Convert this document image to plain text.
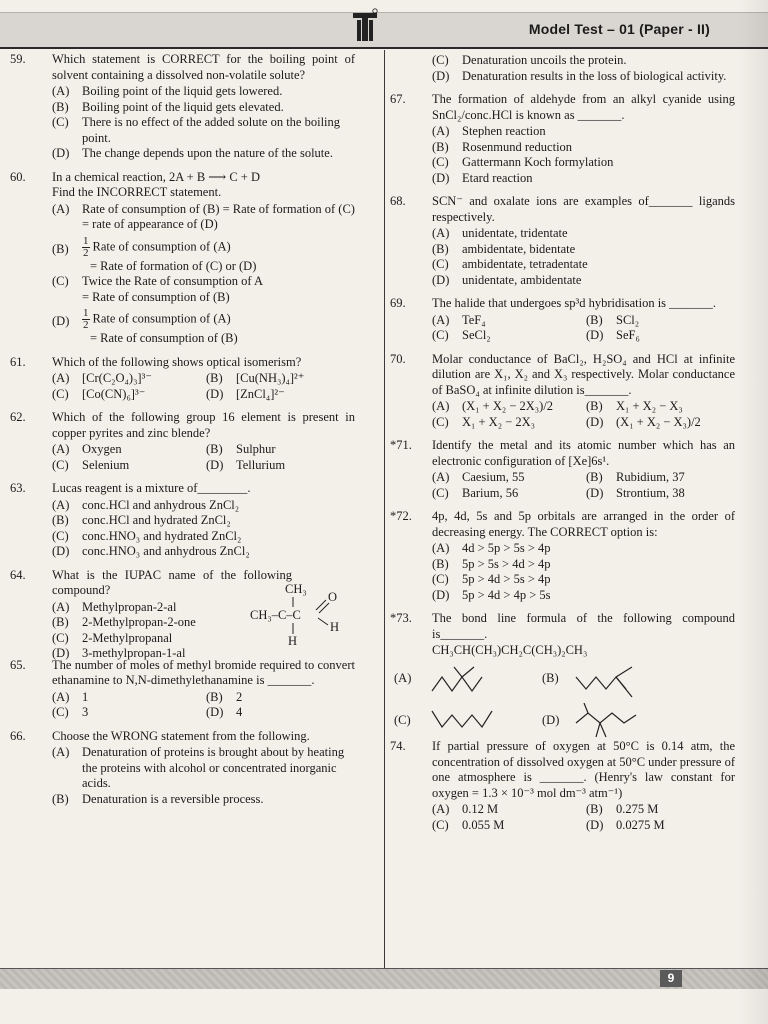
Model Test – 01 (Paper - II)
59.	Which statement is CORRECT for the boiling point of solvent containing a dissolved non-volatile solute?
(A) Boiling point of the liquid gets lowered.
(B) Boiling point of the liquid gets elevated.
(C) There is no effect of the added solute on the boiling point.
(D) The change depends upon the nature of the solute.
60.	In a chemical reaction, 2A + B ⟶ C + D
Find the INCORRECT statement.
(A) Rate of consumption of (B) = Rate of formation of (C) = rate of appearance of (D)
$(B) \frac{1}{2}$ Rate of consumption of (A)
= Rate of formation of (C) or (D)
(C) Twice the Rate of consumption of A
= Rate of consumption of (B)
$(D) \frac{1}{2}$ Rate of consumption of (A)
= Rate of consumption of (B)
61.	Which of the following shows optical isomerism?
(A) [Cr(C₂O₄)₃]³⁻	(B) [Cu(NH₃)₄]²⁺
(C) [Co(CN)₆]³⁻	(D) [ZnCl₄]²⁻
62.	Which of the following group 16 element is present in copper pyrites and zinc blende?
(A) Oxygen	(B) Sulphur
(C) Selenium	(D) Tellurium
63.	Lucas reagent is a mixture of________.
(A) conc.HCl and anhydrous ZnCl₂
(B) conc.HCl and hydrated ZnCl₂
(C) conc.HNO₃ and hydrated ZnCl₂
(D) conc.HNO₃ and anhydrous ZnCl₂
64.	What is the IUPAC name of the following compound?
(A) Methylpropan-2-al
(B) 2-Methylpropan-2-one
(C) 2-Methylpropanal
(D) 3-methylpropan-1-al
CH₃
CH₃–C–C
O
H
H
65.	The number of moles of methyl bromide required to convert ethanamine to N,N-dimethylethanamine is _______.
(A) 1	(B) 2
(C) 3	(D) 4
66.	Choose the WRONG statement from the following.
(A) Denaturation of proteins is brought about by heating the proteins with alcohol or concentrated inorganic acids.
(B) Denaturation is a reversible process.
(C) Denaturation uncoils the protein.
(D) Denaturation results in the loss of biological activity.
67.	The formation of aldehyde from an alkyl cyanide using SnCl₂/conc.HCl is known as _______.
(A) Stephen reaction
(B) Rosenmund reduction
(C) Gattermann Koch formylation
(D) Etard reaction
68.	SCN⁻ and oxalate ions are examples of_______ ligands respectively.
(A) unidentate, tridentate
(B) ambidentate, bidentate
(C) ambidentate, tetradentate
(D) unidentate, ambidentate
69.	The halide that undergoes sp³d hybridisation is _______.
(A) TeF₄	(B) SCl₂
(C) SeCl₂	(D) SeF₆
70.	Molar conductance of BaCl₂, H₂SO₄ and HCl at infinite dilution are X₁, X₂ and X₃ respectively. Molar conductance of BaSO₄ at infinite dilution is_______.
(A) (X₁ + X₂ − 2X₃)/2	(B) X₁ + X₂ − X₃
(C) X₁ + X₂ − 2X₃	(D) (X₁ + X₂ − X₃)/2
*71.	Identify the metal and its atomic number which has an electronic configuration of [Xe]6s¹.
(A) Caesium, 55	(B) Rubidium, 37
(C) Barium, 56	(D) Strontium, 38
*72.	4p, 4d, 5s and 5p orbitals are arranged in the order of decreasing energy. The CORRECT option is:
(A) 4d > 5p > 5s > 4p
(B) 5p > 5s > 4d > 4p
(C) 5p > 4d > 5s > 4p
(D) 5p > 4d > 4p > 5s
*73.	The bond line formula of the following compound is_______.
CH₃CH(CH₃)CH₂C(CH₃)₂CH₃
(A)	(B)
(C)	(D)
74.	If partial pressure of oxygen at 50°C is 0.14 atm, the concentration of dissolved oxygen at 50°C under pressure of one atmosphere is _______. (Henry's law constant for oxygen = 1.3 × 10⁻³ mol dm⁻³ atm⁻¹)
(A) 0.12 M	(B) 0.275 M
(C) 0.055 M	(D) 0.0275 M
9
